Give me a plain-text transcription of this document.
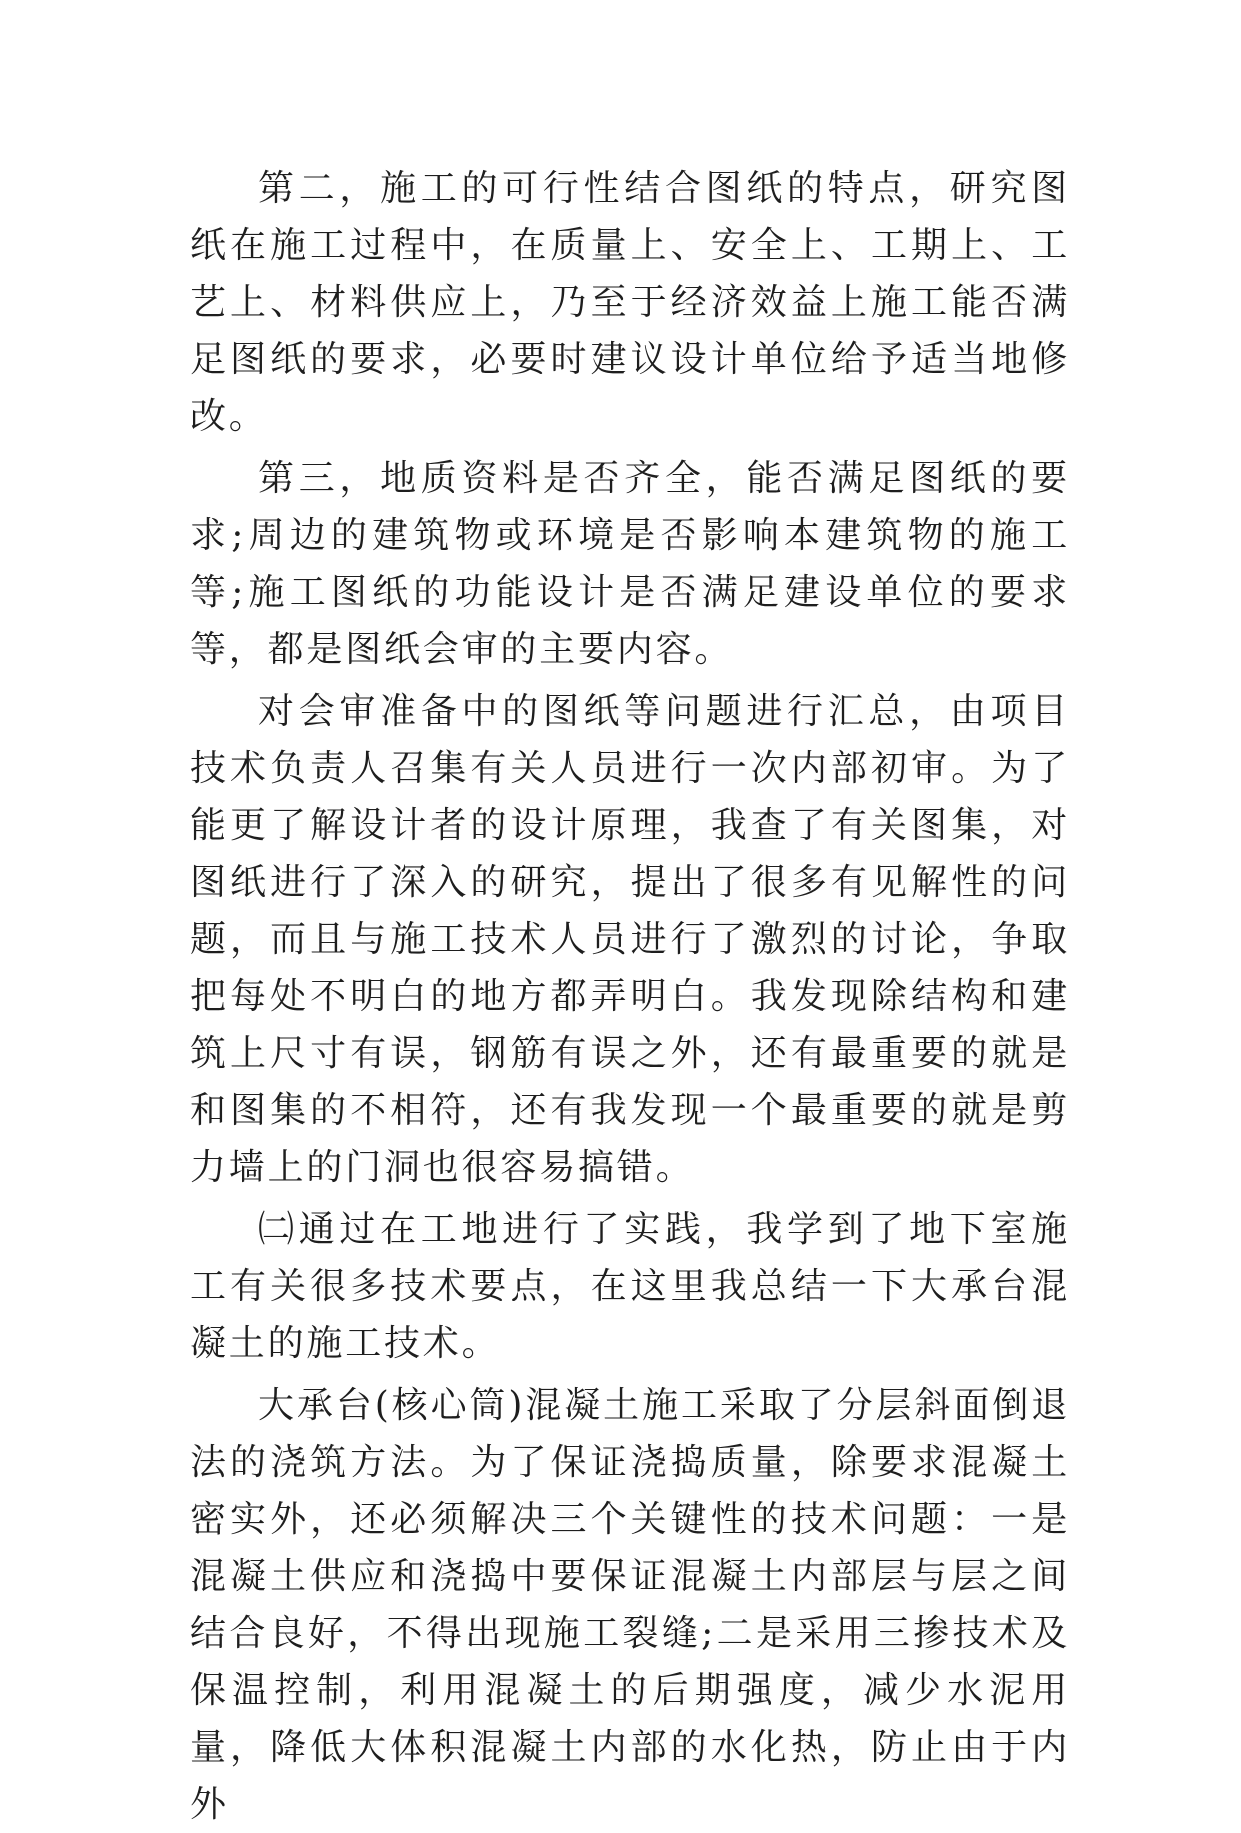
第二，施工的可行性结合图纸的特点，研究图纸在施工过程中，在质量上、安全上、工期上、工艺上、材料供应上，乃至于经济效益上施工能否满足图纸的要求，必要时建议设计单位给予适当地修改。

第三，地质资料是否齐全，能否满足图纸的要求;周边的建筑物或环境是否影响本建筑物的施工等;施工图纸的功能设计是否满足建设单位的要求等，都是图纸会审的主要内容。

对会审准备中的图纸等问题进行汇总，由项目技术负责人召集有关人员进行一次内部初审。为了能更了解设计者的设计原理，我查了有关图集，对图纸进行了深入的研究，提出了很多有见解性的问题，而且与施工技术人员进行了激烈的讨论，争取把每处不明白的地方都弄明白。我发现除结构和建筑上尺寸有误，钢筋有误之外，还有最重要的就是和图集的不相符，还有我发现一个最重要的就是剪力墙上的门洞也很容易搞错。

㈡通过在工地进行了实践，我学到了地下室施工有关很多技术要点，在这里我总结一下大承台混凝土的施工技术。

大承台(核心筒)混凝土施工采取了分层斜面倒退法的浇筑方法。为了保证浇捣质量，除要求混凝土密实外，还必须解决三个关键性的技术问题：一是混凝土供应和浇捣中要保证混凝土内部层与层之间结合良好，不得出现施工裂缝;二是采用三掺技术及保温控制，利用混凝土的后期强度，减少水泥用量，降低大体积混凝土内部的水化热，防止由于内外
